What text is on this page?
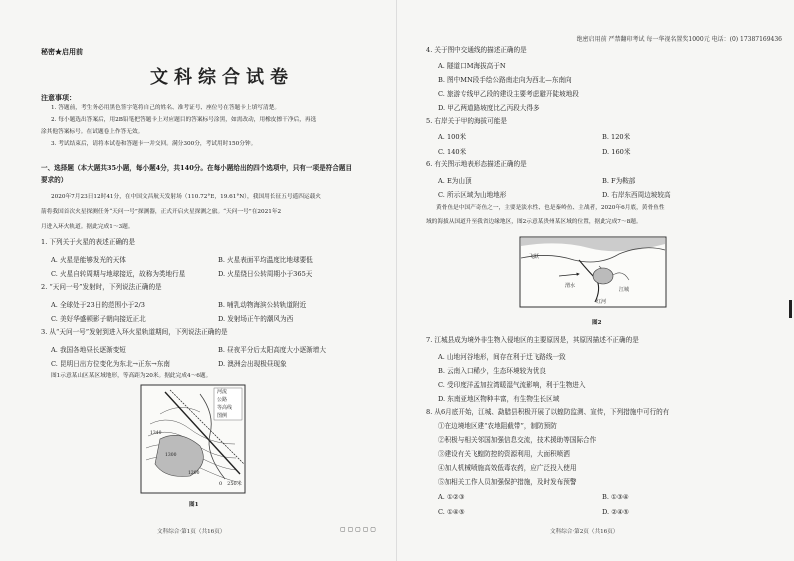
秘密★启用前
文科综合试卷
注意事项：
1. 答题前，考生务必用黑色签字笔将自己的姓名、准考证号、座位号在答题卡上填写清楚。
2. 每小题选出答案后，用2B铅笔把答题卡上对应题目的答案标号涂黑，如需改动，用橡皮擦干净后，再选
涂其他答案标号。在试题卷上作答无效。
3. 考试结束后，请将本试卷和答题卡一并交回。满分300分，考试用时150分钟。
一、选择题（本大题共35小题，每小题4分，共140分。在每小题给出的四个选项中，只有一项是符合题目
要求的）
2020年7月23日12时41分，在中国文昌航天发射场（110.72°E，19.61°N），我国用长征五号遥四运载火
箭将我国首次火星探测任务“天问一号”探测器，正式开启火星探测之旅。“天问一号”在2021年2
月进入环火轨道。据此完成1～3题。
1. 下列关于火星的表述正确的是
A. 火星是能够发光的天体	B. 火星表面平均温度比地球要低
C. 火星自转周期与地球接近，故称为类地行星	D. 火星绕日公转周期小于365天
2. “天问一号”发射时，下列说法正确的是
A. 全球处于23日的范围小于2/3	B. 哺乳动物海滨公转轨道附近
C. 美好华盛顿影子朝向接近正北	D. 发射场正午的潮风为西
3. 从“天问一号”发射到进入环火星轨道期间，下列说法正确的是
A. 我国各地昼长逐渐变短	B. 昼夜平分后太阳高度大小逐渐增大
C. 昆明日出方位变化为东北→正东→东南	D. 澳洲会出现极昼现象
图1示意某山区某区域地形，等高距为20米。据此完成4～6题。
河流
公路
等高线
图例
1300
1340
1200
0　250米
图1
文科综合·第1页（共16页）	▢ ▢ ▢ ▢ ▢
绝密启用前 严禁翻印考试 每一华视名置奖1000元 电话：(0) 17387169436
4. 关于图中交通线的描述正确的是
A. 隧道口M海拔高于N
B. 图中MN段手绘公路南走向为西北—东南向
C. 旅游专线甲乙段的建设主要考虑避开陡坡地段
D. 甲乙两道路坡度比乙丙段大得多
5. 右岸关于甲的海拔可能是
A. 100米	B. 120米
C. 140米	D. 160米
6. 有关图示地表形态描述正确的是
A. E为山顶	B. F为鞍部
C. 所示区域为山地地形	D. 右岸东西周边坡较高
黄骨鱼是中国产奇鱼之一，主要是淡水性、也是秦岭鱼、主战者，2020年6月底，黄骨鱼性
域的海拔从国道升至我省边缘地区，图2示意某贵州某区域的位置，据此完成7～8题。
飞跃
渭水
江城
红河
图2
7. 江城县成为境外非生物入侵地区的主要原因是，其原因描述不正确的是
A. 山地河谷地形，间存在利于迁飞路线一致
B. 云南入口稀少，生态环境较为优良
C. 受印度洋孟加拉湾暖湿气流影响，利于生物进入
D. 东南亚地区物种丰富，有生物生长区域
8. 从6月底开始，江城、勐腊县积极开展了以蝗防监测、宣传，下列措施中可行的有
①在边境地区建“农地阻截带”，制防预防
②积极与相关邻国加强信息交流，技术援助等国际合作
③建设有关飞蝗防控的资源利用，大面积喷洒
④加人机械喷施高效低毒农药，应广泛投入使用
⑤加相关工作人员加强保护措施，及时发布预警
A. ①②③	B. ①③④
C. ①④⑤	D. ②④⑤
文科综合·第2页（共16页）
